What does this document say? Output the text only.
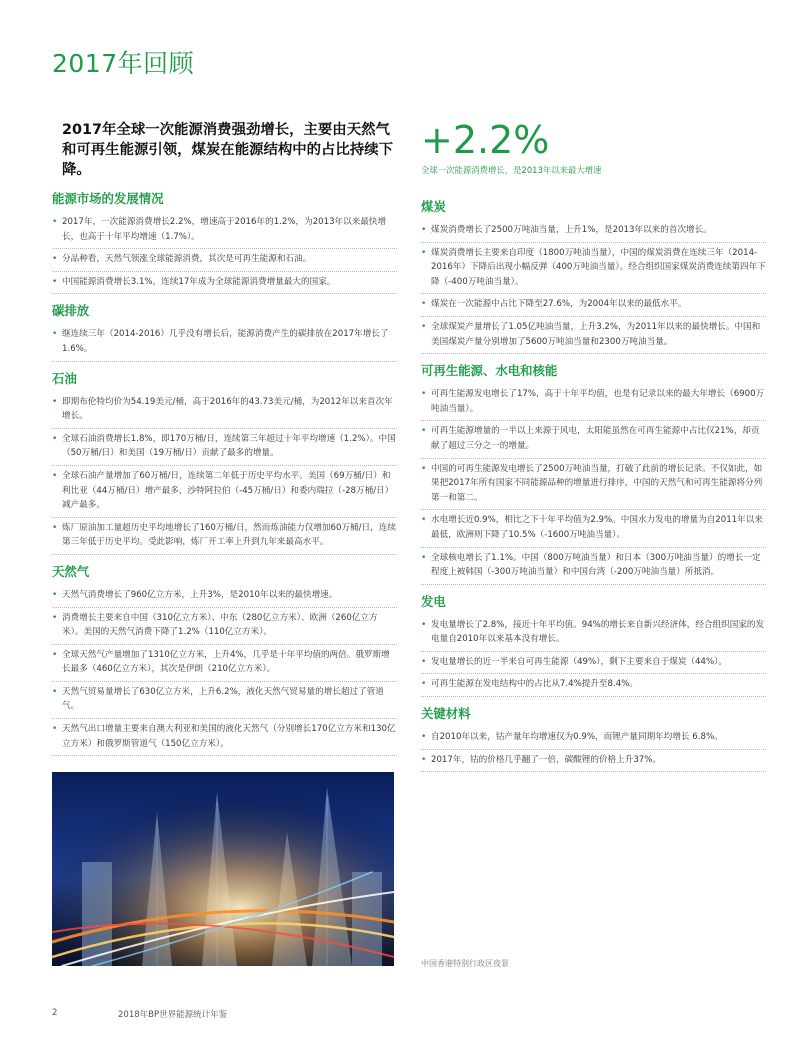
2017年回顾
2017年全球一次能源消费强劲增长，主要由天然气和可再生能源引领，煤炭在能源结构中的占比持续下降。
能源市场的发展情况
• 2017年，一次能源消费增长2.2%，增速高于2016年的1.2%，为2013年以来最快增长，也高于十年平均增速（1.7%）。
• 分品种看，天然气领涨全球能源消费，其次是可再生能源和石油。
• 中国能源消费增长3.1%，连续17年成为全球能源消费增量最大的国家。
碳排放
• 继连续三年（2014-2016）几乎没有增长后，能源消费产生的碳排放在2017年增长了1.6%。
石油
• 即期布伦特均价为54.19美元/桶，高于2016年的43.73美元/桶，为2012年以来首次年增长。
• 全球石油消费增长1.8%，即170万桶/日，连续第三年超过十年平均增速（1.2%）。中国（50万桶/日）和美国（19万桶/日）贡献了最多的增量。
• 全球石油产量增加了60万桶/日，连续第二年低于历史平均水平。美国（69万桶/日）和利比亚（44万桶/日）增产最多，沙特阿拉伯（-45万桶/日）和委内瑞拉（-28万桶/日）减产最多。
• 炼厂原油加工量超历史平均地增长了160万桶/日，然而炼油能力仅增加60万桶/日，连续第三年低于历史平均。受此影响，炼厂开工率上升到九年来最高水平。
天然气
• 天然气消费增长了960亿立方米，上升3%，是2010年以来的最快增速。
• 消费增长主要来自中国（310亿立方米）、中东（280亿立方米）、欧洲（260亿立方米）。美国的天然气消费下降了1.2%（110亿立方米）。
• 全球天然气产量增加了1310亿立方米，上升4%，几乎是十年平均值的两倍。俄罗斯增长最多（460亿立方米），其次是伊朗（210亿立方米）。
• 天然气贸易量增长了630亿立方米，上升6.2%，液化天然气贸易量的增长超过了管道气。
• 天然气出口增量主要来自澳大利亚和美国的液化天然气（分别增长170亿立方米和130亿立方米）和俄罗斯管道气（150亿立方米）。
+2.2%
全球一次能源消费增长，是2013年以来最大增速
煤炭
• 煤炭消费增长了2500万吨油当量，上升1%，是2013年以来的首次增长。
• 煤炭消费增长主要来自印度（1800万吨油当量），中国的煤炭消费在连续三年（2014-2016年）下降后出现小幅反弹（400万吨油当量）。经合组织国家煤炭消费连续第四年下降（-400万吨油当量）。
• 煤炭在一次能源中占比下降至27.6%，为2004年以来的最低水平。
• 全球煤炭产量增长了1.05亿吨油当量，上升3.2%，为2011年以来的最快增长。中国和美国煤炭产量分别增加了5600万吨油当量和2300万吨油当量。
可再生能源、水电和核能
• 可再生能源发电增长了17%，高于十年平均值，也是有记录以来的最大年增长（6900万吨油当量）。
• 可再生能源增量的一半以上来源于风电，太阳能虽然在可再生能源中占比仅21%，却贡献了超过三分之一的增量。
• 中国的可再生能源发电增长了2500万吨油当量，打破了此前的增长记录。不仅如此，如果把2017年所有国家不同能源品种的增量进行排序，中国的天然气和可再生能源将分列第一和第二。
• 水电增长近0.9%，相比之下十年平均值为2.9%。中国水力发电的增量为自2011年以来最低，欧洲则下降了10.5%（-1600万吨油当量）。
• 全球核电增长了1.1%。中国（800万吨油当量）和日本（300万吨油当量）的增长一定程度上被韩国（-300万吨油当量）和中国台湾（-200万吨油当量）所抵消。
发电
• 发电量增长了2.8%，接近十年平均值。94%的增长来自新兴经济体，经合组织国家的发电量自2010年以来基本没有增长。
• 发电量增长的近一半来自可再生能源（49%），剩下主要来自于煤炭（44%）。
• 可再生能源在发电结构中的占比从7.4%提升至8.4%。
关键材料
• 自2010年以来，钴产量年均增速仅为0.9%，而锂产量同期年均增长 6.8%。
• 2017年，钴的价格几乎翻了一倍，碳酸锂的价格上升37%。
中国香港特别行政区夜景
2	2018年BP世界能源统计年鉴
